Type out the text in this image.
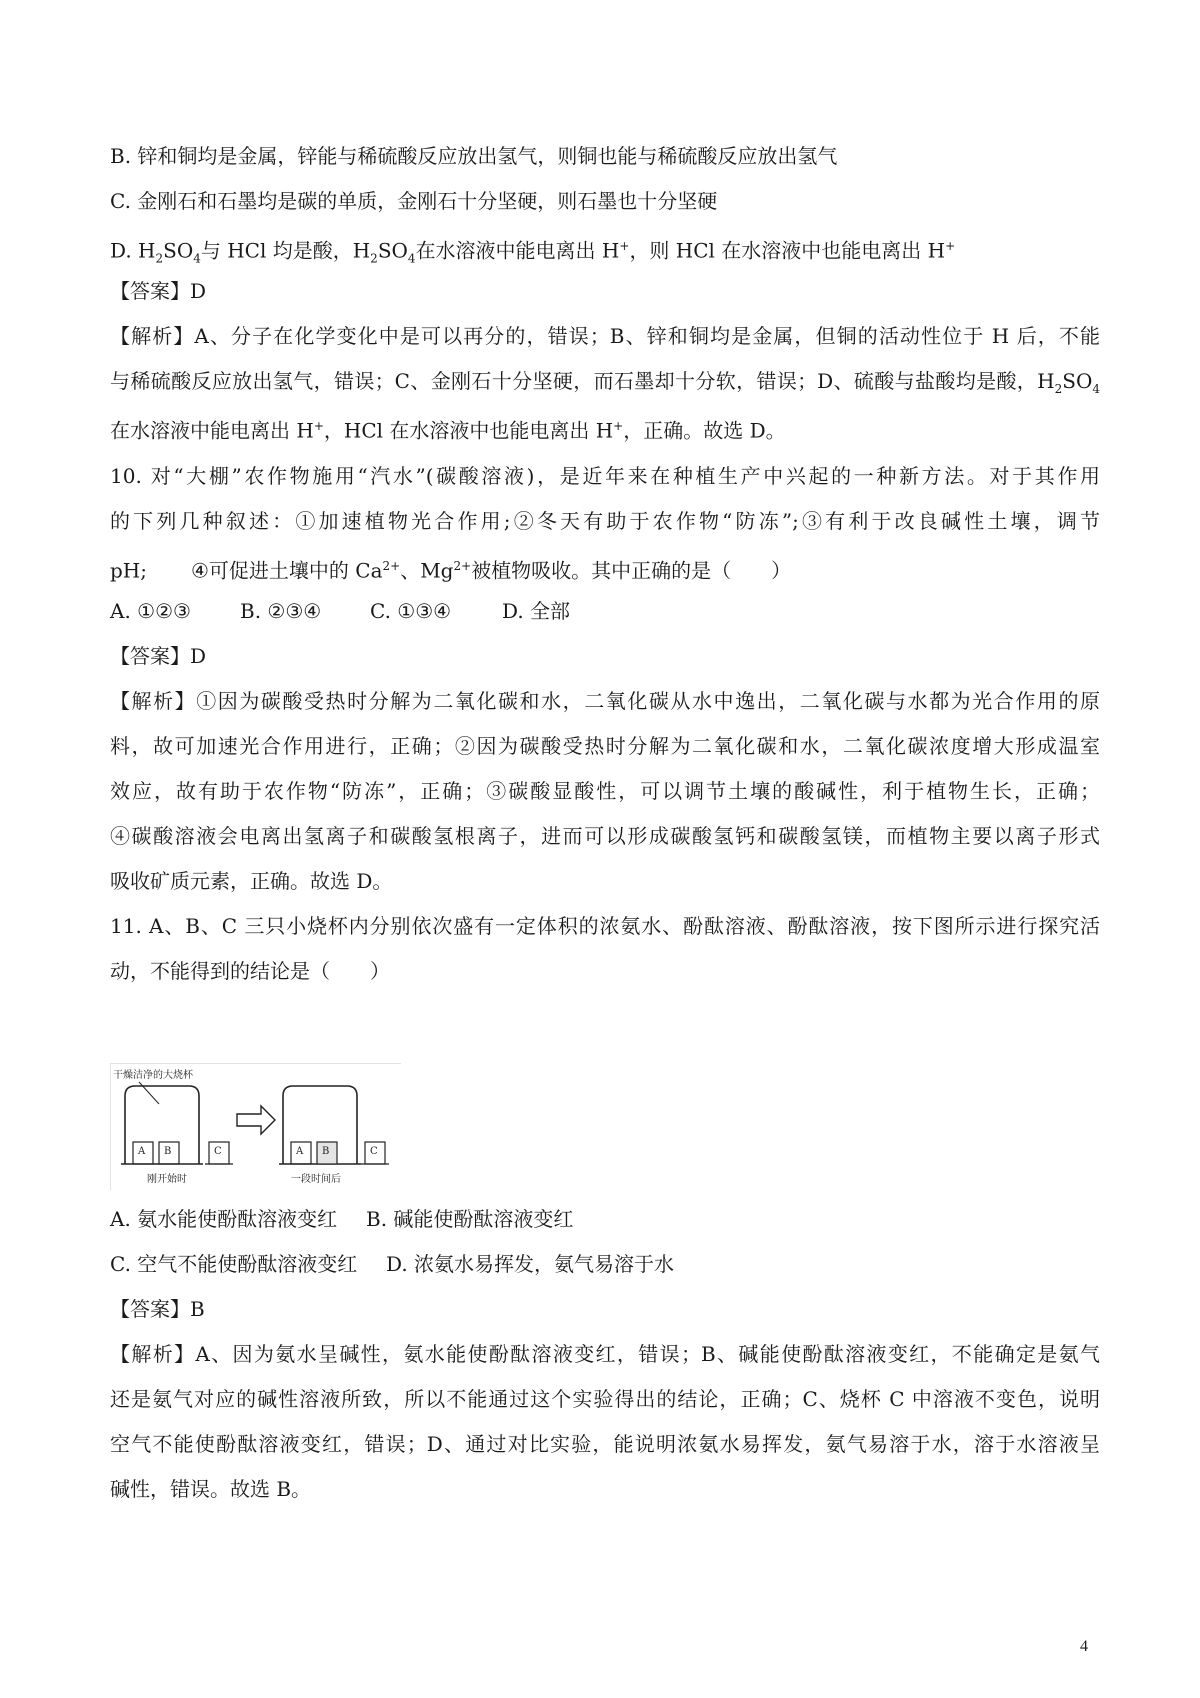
B. 锌和铜均是金属，锌能与稀硫酸反应放出氢气，则铜也能与稀硫酸反应放出氢气
C. 金刚石和石墨均是碳的单质，金刚石十分坚硬，则石墨也十分坚硬
D. $H_2SO_4$与 HCl 均是酸，$H_2SO_4$在水溶液中能电离出 H+，则 HCl 在水溶液中也能电离出 H+
【答案】D
【解析】A、分子在化学变化中是可以再分的，错误；B、锌和铜均是金属，但铜的活动性位于 H 后，不能
与稀硫酸反应放出氢气，错误；C、金刚石十分坚硬，而石墨却十分软，错误；D、硫酸与盐酸均是酸，$H_2SO_4$
在水溶液中能电离出 H+，HCl 在水溶液中也能电离出 H+，正确。故选 D。
10. 对“大棚”农作物施用“汽水”(碳酸溶液)，是近年来在种植生产中兴起的一种新方法。对于其作用
的下列几种叙述：①加速植物光合作用;②冬天有助于农作物“防冻”;③有利于改良碱性土壤，调节
pH; ④可促进土壤中的 $Ca^{2+}$、$Mg^{2+}$被植物吸收。其中正确的是（　　）
A. ①②③ B. ②③④ C. ①③④	D. 全部
【答案】D
【解析】①因为碳酸受热时分解为二氧化碳和水，二氧化碳从水中逸出，二氧化碳与水都为光合作用的原
料，故可加速光合作用进行，正确；②因为碳酸受热时分解为二氧化碳和水，二氧化碳浓度增大形成温室
效应，故有助于农作物“防冻”，正确；③碳酸显酸性，可以调节土壤的酸碱性，利于植物生长，正确；
④碳酸溶液会电离出氢离子和碳酸氢根离子，进而可以形成碳酸氢钙和碳酸氢镁，而植物主要以离子形式
吸收矿质元素，正确。故选 D。
11. A、B、C 三只小烧杯内分别依次盛有一定体积的浓氨水、酚酞溶液、酚酞溶液，按下图所示进行探究活
动，不能得到的结论是（　　）
干燥洁净的大烧杯
A B	C
刚开始时
A B	C
一段时间后
A. 氨水能使酚酞溶液变红 B. 碱能使酚酞溶液变红
C. 空气不能使酚酞溶液变红 D. 浓氨水易挥发，氨气易溶于水
【答案】B
【解析】A、因为氨水呈碱性，氨水能使酚酞溶液变红，错误；B、碱能使酚酞溶液变红，不能确定是氨气
还是氨气对应的碱性溶液所致，所以不能通过这个实验得出的结论，正确；C、烧杯 C 中溶液不变色，说明
空气不能使酚酞溶液变红，错误；D、通过对比实验，能说明浓氨水易挥发，氨气易溶于水，溶于水溶液呈
碱性，错误。故选 B。
4
